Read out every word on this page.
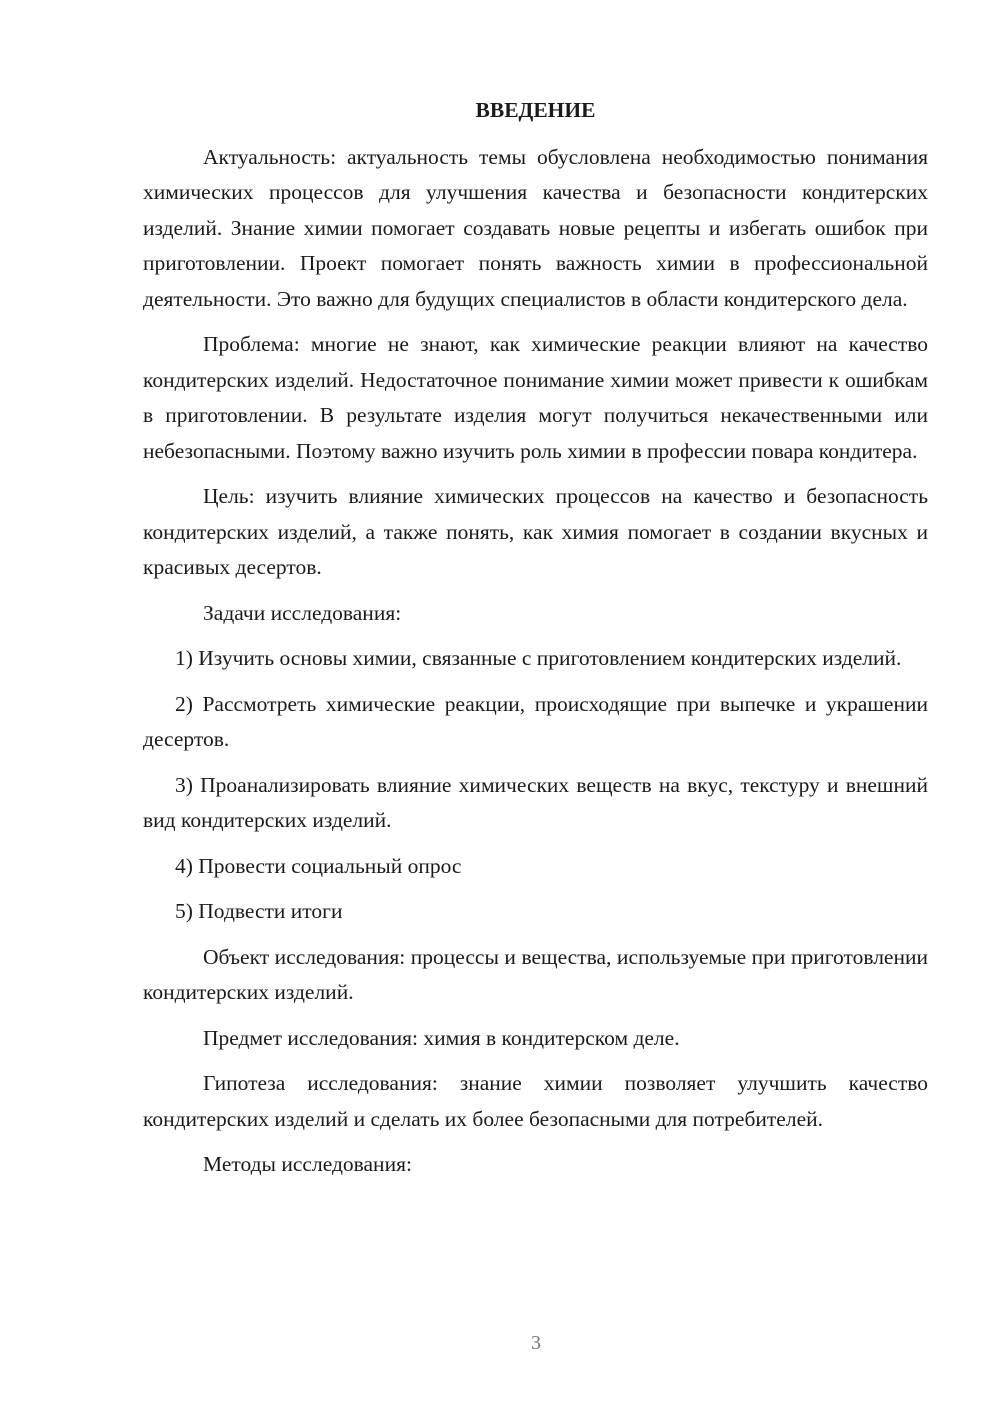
ВВЕДЕНИЕ

Актуальность: актуальность темы обусловлена необходимостью понимания химических процессов для улучшения качества и безопасности кондитерских изделий. Знание химии помогает создавать новые рецепты и избегать ошибок при приготовлении. Проект помогает понять важность химии в профессиональной деятельности. Это важно для будущих специалистов в области кондитерского дела.

Проблема: многие не знают, как химические реакции влияют на качество кондитерских изделий. Недостаточное понимание химии может привести к ошибкам в приготовлении. В результате изделия могут получиться некачественными или небезопасными. Поэтому важно изучить роль химии в профессии повара кондитера.

Цель: изучить влияние химических процессов на качество и безопасность кондитерских изделий, а также понять, как химия помогает в создании вкусных и красивых десертов.

Задачи исследования:

1) Изучить основы химии, связанные с приготовлением кондитерских изделий.

2) Рассмотреть химические реакции, происходящие при выпечке и украшении десертов.

3) Проанализировать влияние химических веществ на вкус, текстуру и внешний вид кондитерских изделий.

4) Провести социальный опрос

5) Подвести итоги

Объект исследования: процессы и вещества, используемые при приготовлении кондитерских изделий.

Предмет исследования: химия в кондитерском деле.

Гипотеза исследования: знание химии позволяет улучшить качество кондитерских изделий и сделать их более безопасными для потребителей.

Методы исследования:

3
